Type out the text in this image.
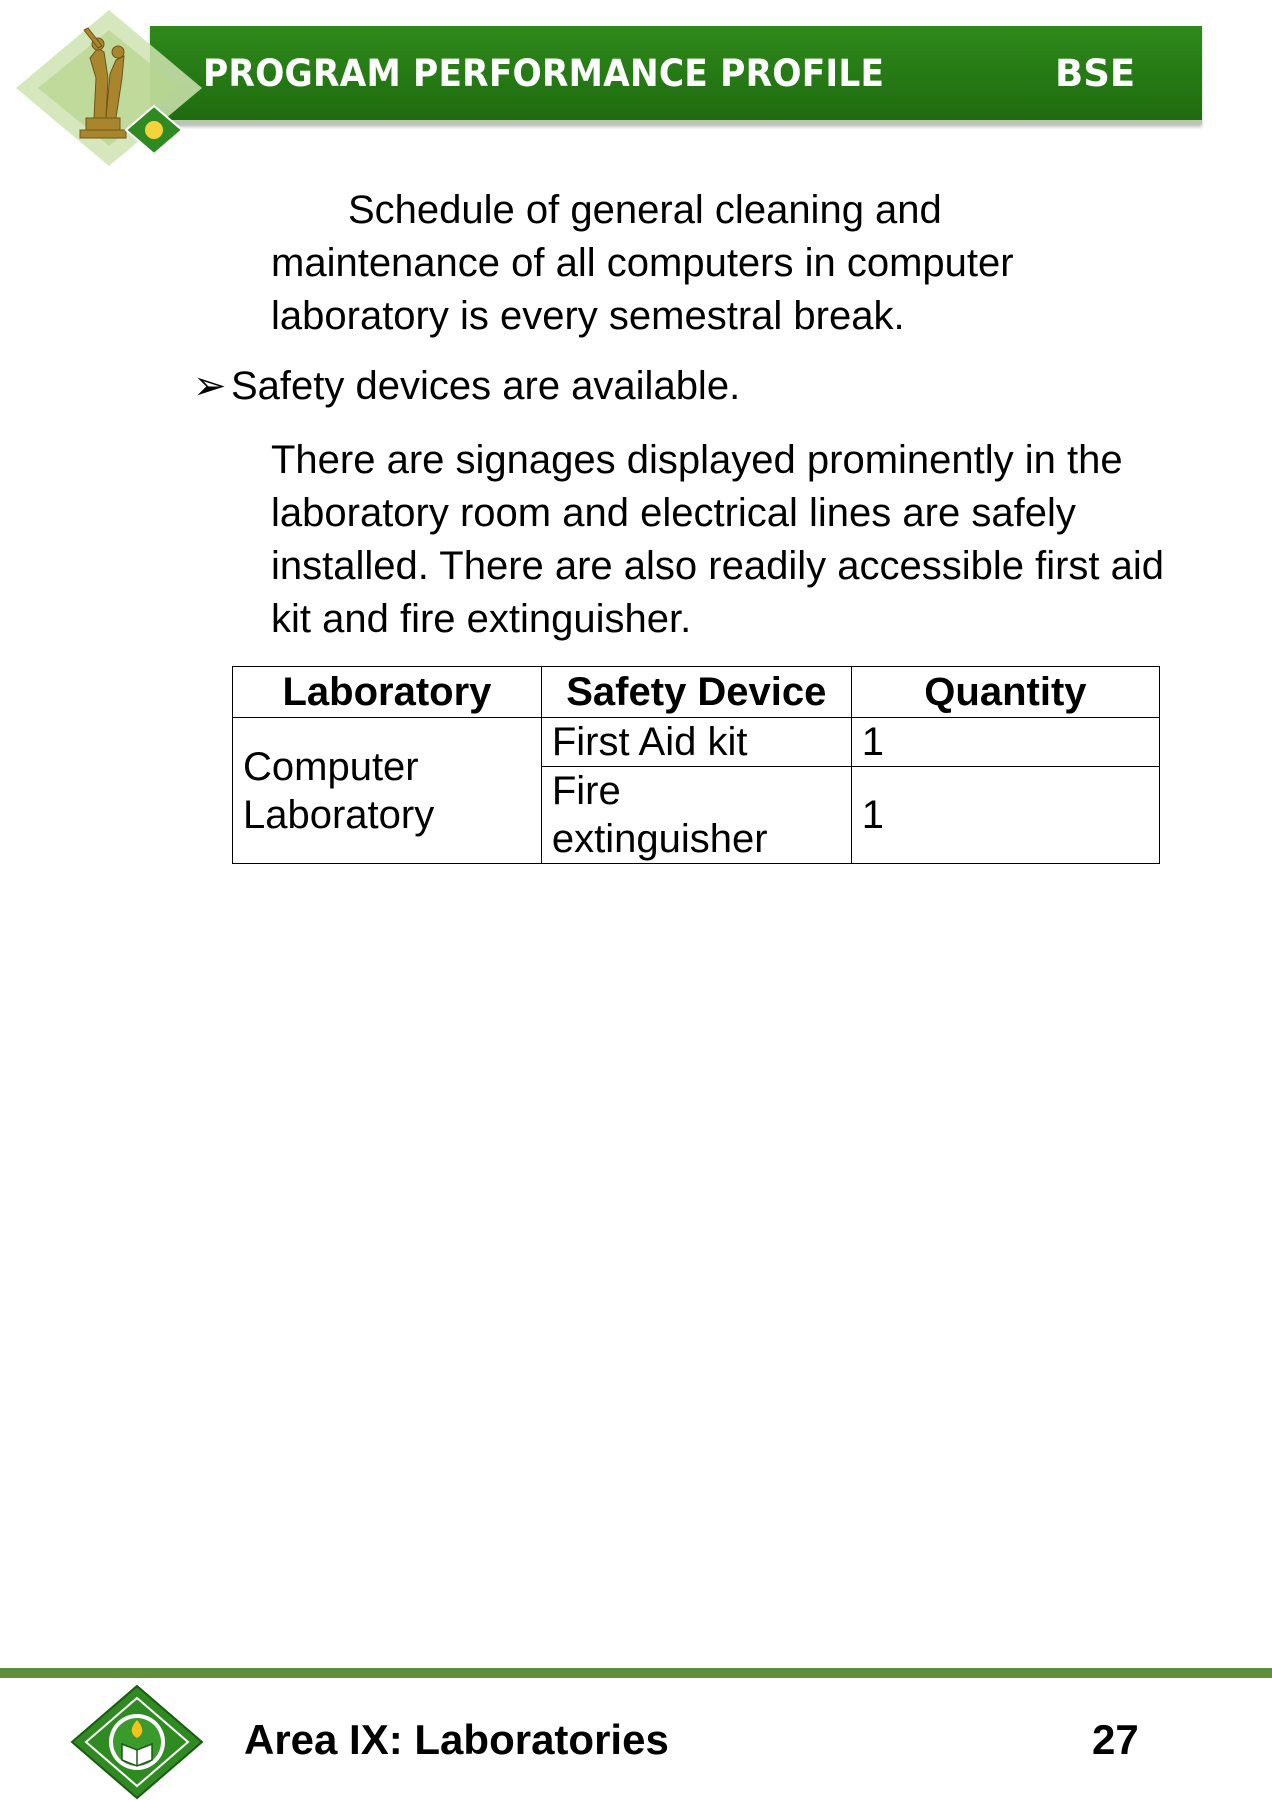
PROGRAM PERFORMANCE PROFILE	BSE

Schedule of general cleaning and maintenance of all computers in computer laboratory is every semestral break.

➢ Safety devices are available.

There are signages displayed prominently in the laboratory room and electrical lines are safely installed. There are also readily accessible first aid kit and fire extinguisher.

Laboratory	Safety Device	Quantity
Computer Laboratory	First Aid kit	1
	Fire extinguisher	1
Area IX: Laboratories	27
